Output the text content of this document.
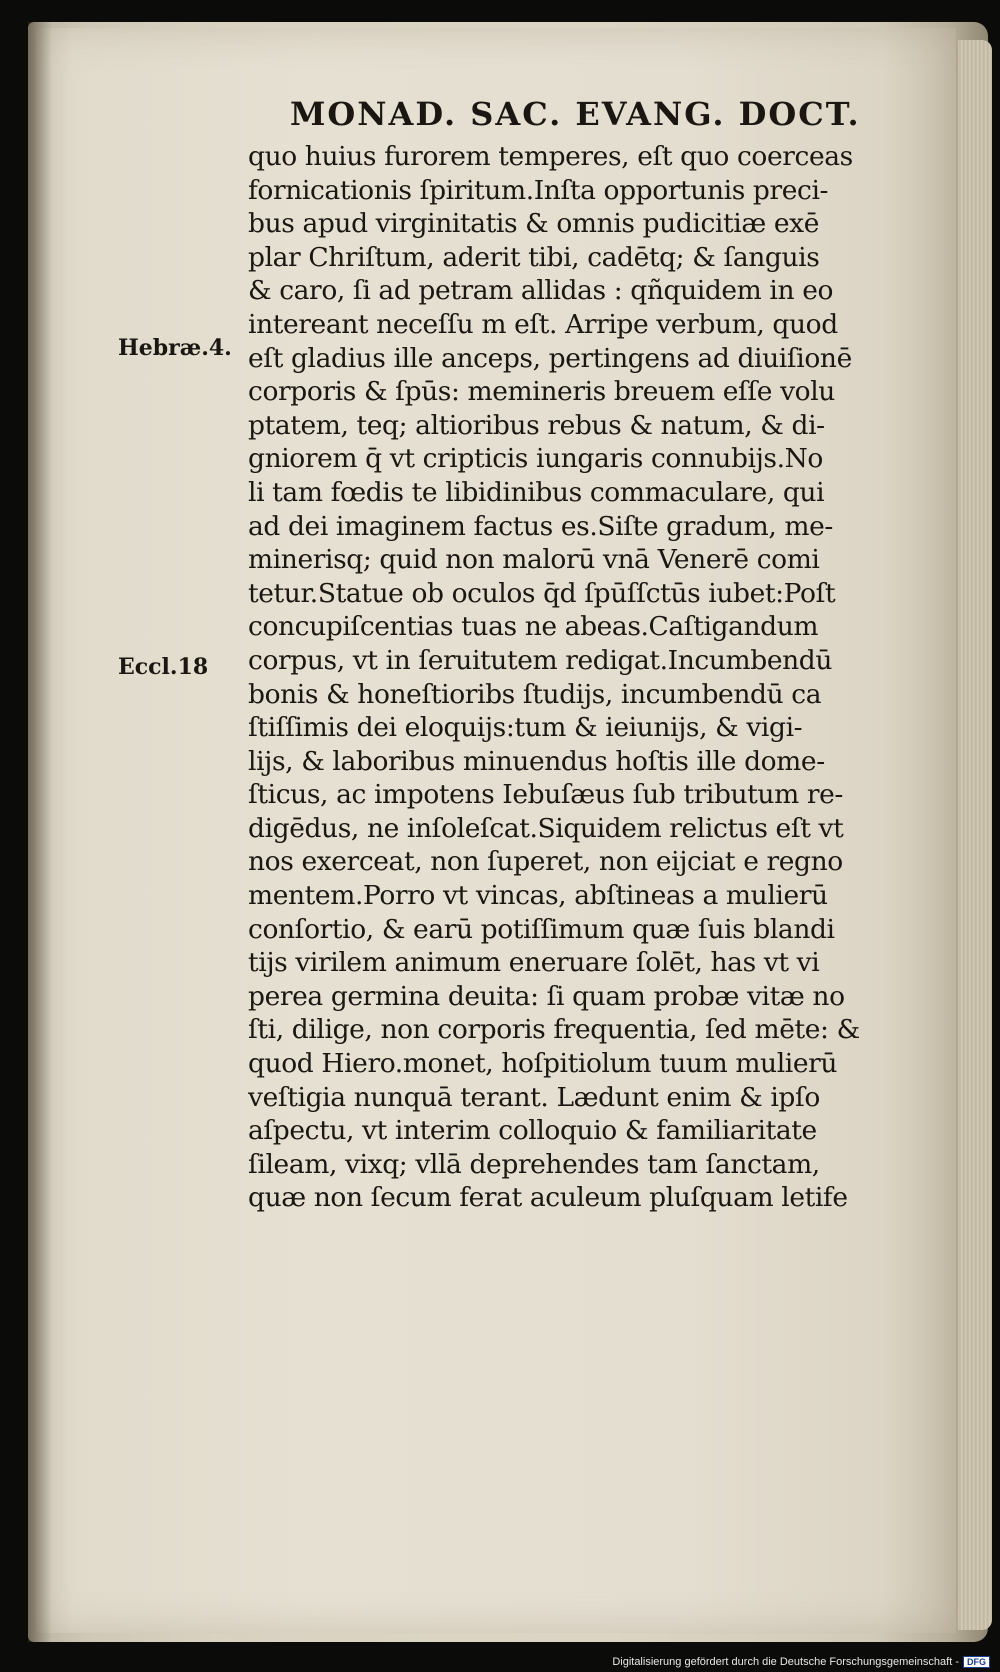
MONAD. SAC. EVANG. DOCT.

Hebræ.4.

Eccl.18

quo huius furorem temperes, eſt quo coerceas
fornicationis ſpiritum.Inſta opportunis preci-
bus apud virginitatis & omnis pudicitiæ exē
plar Chriſtum, aderit tibi, cadētq; & ſanguis
& caro, ſi ad petram allidas : qñquidem in eo
intereant neceſſu m eſt. Arripe verbum, quod
eſt gladius ille anceps, pertingens ad diuiſionē
corporis & ſpūs: memineris breuem eſſe volu
ptatem, teq; altioribus rebus & natum, & di-
gniorem q̄ vt cripticis iungaris connubijs.No
li tam fœdis te libidinibus commaculare, qui
ad dei imaginem factus es.Siſte gradum, me-
minerisq; quid non malorū vnā Venerē comi
tetur.Statue ob oculos q̄d ſpūſſctūs iubet:Poſt
concupiſcentias tuas ne abeas.Caſtigandum
corpus, vt in ſeruitutem redigat.Incumbendū
bonis & honeſtioribs ſtudijs, incumbendū ca
ſtiſſimis dei eloquijs:tum & ieiunijs, & vigi-
lijs, & laboribus minuendus hoſtis ille dome-
ſticus, ac impotens Iebuſæus ſub tributum re-
digēdus, ne inſoleſcat.Siquidem relictus eſt vt
nos exerceat, non ſuperet, non eijciat e regno
mentem.Porro vt vincas, abſtineas a mulierū
conſortio, & earū potiſſimum quæ ſuis blandi
tijs virilem animum eneruare ſolēt, has vt vi
perea germina deuita: ſi quam probæ vitæ no
ſti, dilige, non corporis frequentia, ſed mēte: &
quod Hiero.monet, hoſpitiolum tuum mulierū
veſtigia nunquā terant. Lædunt enim & ipſo
aſpectu, vt interim colloquio & familiaritate
ſileam, vixq; vllā deprehendes tam ſanctam,
quæ non ſecum ferat aculeum pluſquam letife
Digitalisierung gefördert durch die Deutsche Forschungsgemeinschaft - DFG
